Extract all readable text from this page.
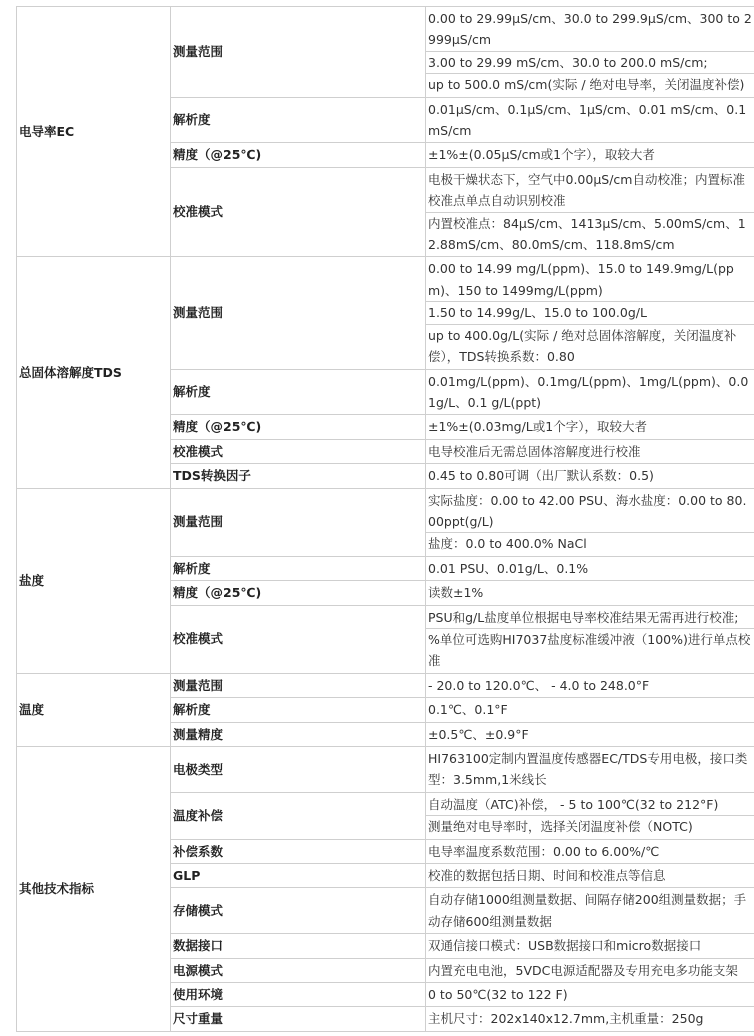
电导率EC	测量范围	0.00 to 29.99μS/cm、30.0 to 299.9μS/cm、300 to 2999μS/cm
3.00 to 29.99 mS/cm、30.0 to 200.0 mS/cm;
up to 500.0 mS/cm(实际 / 绝对电导率，关闭温度补偿)

	解析度	0.01μS/cm、0.1μS/cm、1μS/cm、0.01 mS/cm、0.1 mS/cm

	精度（@25℃)	±1%±(0.05μS/cm或1个字），取较大者

	校准模式	电极干燥状态下，空气中0.00μS/cm自动校准；内置标准校准点单点自动识别校准
内置校准点：84μS/cm、1413μS/cm、5.00mS/cm、12.88mS/cm、80.0mS/cm、118.8mS/cm

总固体溶解度TDS	测量范围	0.00 to 14.99 mg/L(ppm)、15.0 to 149.9mg/L(ppm)、150 to 1499mg/L(ppm)
1.50 to 14.99g/L、15.0 to 100.0g/L
up to 400.0g/L(实际 / 绝对总固体溶解度，关闭温度补偿），TDS转换系数：0.80

	解析度	0.01mg/L(ppm)、0.1mg/L(ppm)、1mg/L(ppm)、0.01g/L、0.1 g/L(ppt)

	精度（@25℃)	±1%±(0.03mg/L或1个字），取较大者

	校准模式	电导校准后无需总固体溶解度进行校准

	TDS转换因子	0.45 to 0.80可调（出厂默认系数：0.5)

盐度	测量范围	实际盐度：0.00 to 42.00 PSU、海水盐度：0.00 to 80.00ppt(g/L)
盐度：0.0 to 400.0% NaCl

	解析度	0.01 PSU、0.01g/L、0.1%

	精度（@25℃)	读数±1%

	校准模式	PSU和g/L盐度单位根据电导率校准结果无需再进行校准;
%单位可选购HI7037盐度标准缓冲液（100%)进行单点校准

温度	测量范围	- 20.0 to 120.0℃、 - 4.0 to 248.0°F

	解析度	0.1℃、0.1°F

	测量精度	±0.5℃、±0.9°F

其他技术指标	电极类型	HI763100定制内置温度传感器EC/TDS专用电极，接口类型：3.5mm,1米线长

	温度补偿	自动温度（ATC)补偿， - 5 to 100℃(32 to 212°F)
测量绝对电导率时，选择关闭温度补偿（NOTC)

	补偿系数	电导率温度系数范围：0.00 to 6.00%/℃

	GLP	校准的数据包括日期、时间和校准点等信息

	存储模式	自动存储1000组测量数据、间隔存储200组测量数据；手动存储600组测量数据

	数据接口	双通信接口模式：USB数据接口和micro数据接口

	电源模式	内置充电电池，5VDC电源适配器及专用充电多功能支架

	使用环境	0 to 50℃(32 to 122 F)

	尺寸重量	主机尺寸：202x140x12.7mm,主机重量：250g
